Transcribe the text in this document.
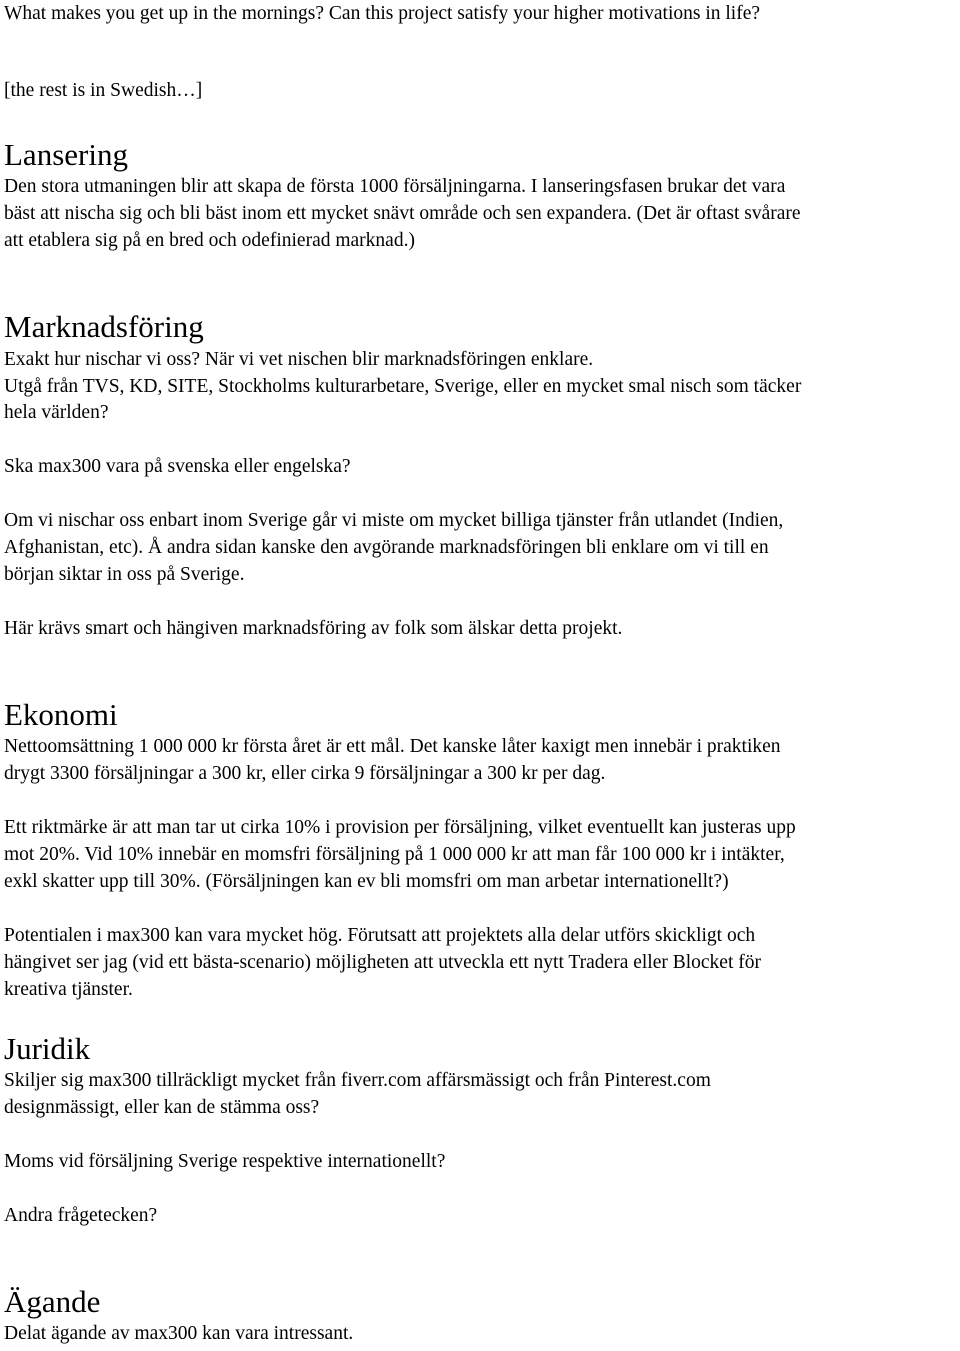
What makes you get up in the mornings? Can this project satisfy your higher motivations in life?

[the rest is in Swedish…]

Lansering

Den stora utmaningen blir att skapa de första 1000 försäljningarna. I lanseringsfasen brukar det vara

bäst att nischa sig och bli bäst inom ett mycket snävt område och sen expandera. (Det är oftast svårare

att etablera sig på en bred och odefinierad marknad.)

Marknadsföring

Exakt hur nischar vi oss? När vi vet nischen blir marknadsföringen enklare.

Utgå från TVS, KD, SITE, Stockholms kulturarbetare, Sverige, eller en mycket smal nisch som täcker

hela världen?

Ska max300 vara på svenska eller engelska?

Om vi nischar oss enbart inom Sverige går vi miste om mycket billiga tjänster från utlandet (Indien,

Afghanistan, etc). Å andra sidan kanske den avgörande marknadsföringen bli enklare om vi till en

början siktar in oss på Sverige.

Här krävs smart och hängiven marknadsföring av folk som älskar detta projekt.

Ekonomi

Nettoomsättning 1 000 000 kr första året är ett mål. Det kanske låter kaxigt men innebär i praktiken

drygt 3300 försäljningar a 300 kr, eller cirka 9 försäljningar a 300 kr per dag.

Ett riktmärke är att man tar ut cirka 10% i provision per försäljning, vilket eventuellt kan justeras upp

mot 20%. Vid 10% innebär en momsfri försäljning på 1 000 000 kr att man får 100 000 kr i intäkter,

exkl skatter upp till 30%. (Försäljningen kan ev bli momsfri om man arbetar internationellt?)

Potentialen i max300 kan vara mycket hög. Förutsatt att projektets alla delar utförs skickligt och

hängivet ser jag (vid ett bästa-scenario) möjligheten att utveckla ett nytt Tradera eller Blocket för

kreativa tjänster.

Juridik

Skiljer sig max300 tillräckligt mycket från fiverr.com affärsmässigt och från Pinterest.com

designmässigt, eller kan de stämma oss?

Moms vid försäljning Sverige respektive internationellt?

Andra frågetecken?

Ägande

Delat ägande av max300 kan vara intressant.
